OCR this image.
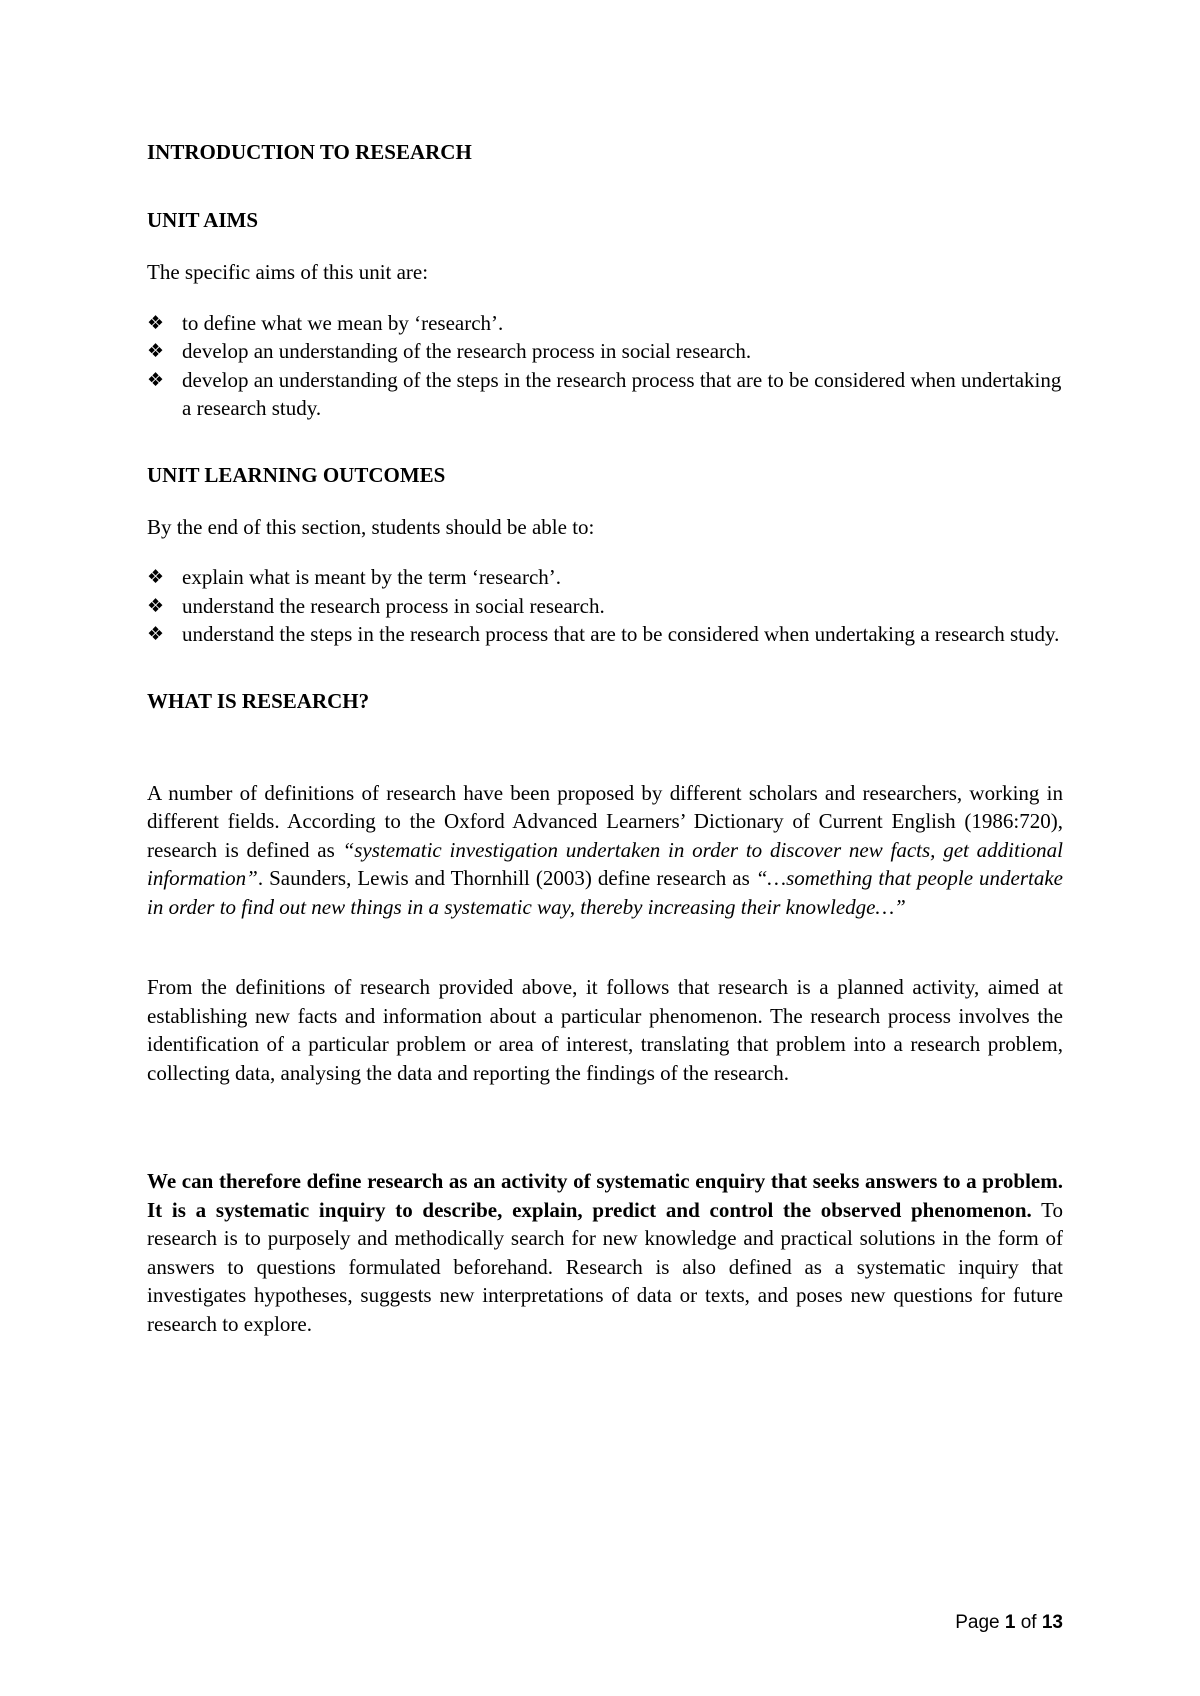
INTRODUCTION TO RESEARCH
UNIT AIMS

The specific aims of this unit are:

❖ to define what we mean by ‘research’.
❖ develop an understanding of the research process in social research.
❖ develop an understanding of the steps in the research process that are to be considered when undertaking a research study.
UNIT LEARNING OUTCOMES

By the end of this section, students should be able to:

❖ explain what is meant by the term ‘research’.
❖ understand the research process in social research.
❖ understand the steps in the research process that are to be considered when undertaking a research study.
WHAT IS RESEARCH?

A number of definitions of research have been proposed by different scholars and researchers, working in different fields. According to the Oxford Advanced Learners’ Dictionary of Current English (1986:720), research is defined as “systematic investigation undertaken in order to discover new facts, get additional information”. Saunders, Lewis and Thornhill (2003) define research as “…something that people undertake in order to find out new things in a systematic way, thereby increasing their knowledge…”

From the definitions of research provided above, it follows that research is a planned activity, aimed at establishing new facts and information about a particular phenomenon. The research process involves the identification of a particular problem or area of interest, translating that problem into a research problem, collecting data, analysing the data and reporting the findings of the research.

We can therefore define research as an activity of systematic enquiry that seeks answers to a problem. It is a systematic inquiry to describe, explain, predict and control the observed phenomenon. To research is to purposely and methodically search for new knowledge and practical solutions in the form of answers to questions formulated beforehand. Research is also defined as a systematic inquiry that investigates hypotheses, suggests new interpretations of data or texts, and poses new questions for future research to explore.

Page 1 of 13
